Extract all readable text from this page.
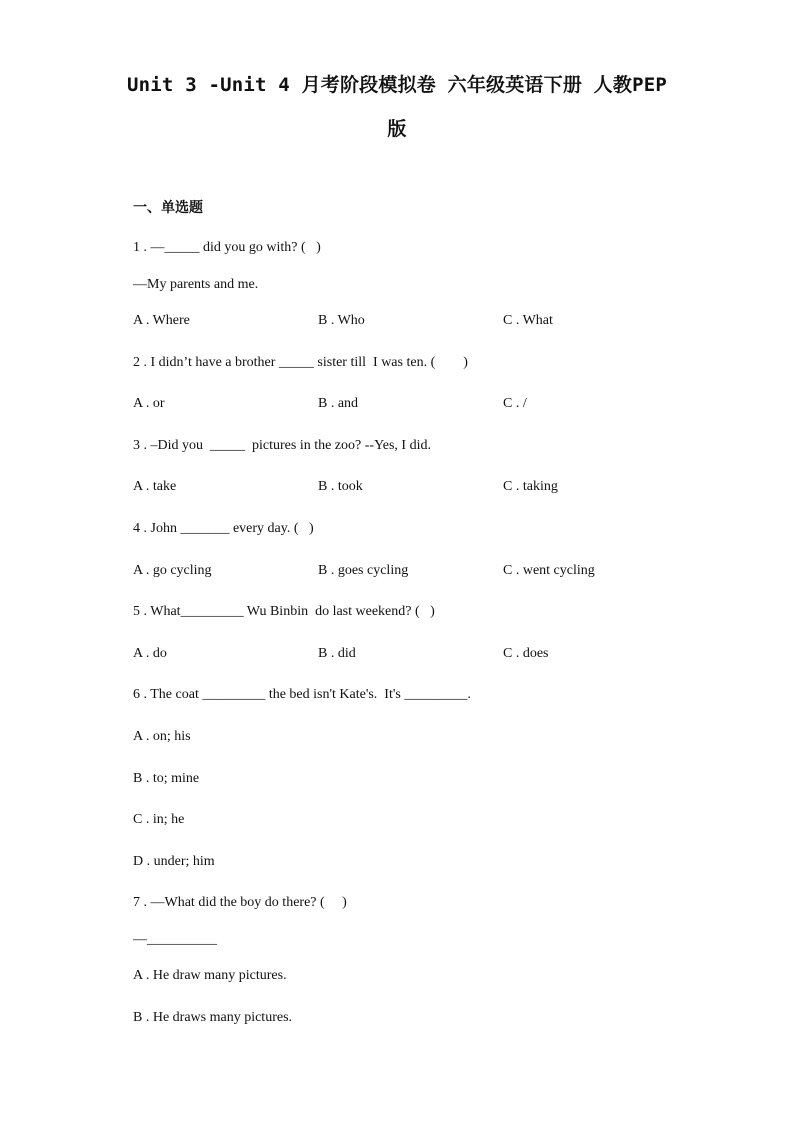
Unit 3 -Unit 4 月考阶段模拟卷 六年级英语下册 人教PEP
版
一、单选题
1 . —_____ did you go with? (   )
—My parents and me.
A . Where	B . Who	C . What
2 . I didn’t have a brother _____ sister till  I was ten. (        )
A . or	B . and	C . /
3 . –Did you  _____  pictures in the zoo? --Yes, I did.
A . take	B . took	C . taking
4 . John _______ every day. (   )
A . go cycling	B . goes cycling	C . went cycling
5 . What_________ Wu Binbin  do last weekend? (   )
A . do	B . did	C . does
6 . The coat _________ the bed isn't Kate's.  It's _________.
A . on; his
B . to; mine
C . in; he
D . under; him
7 . —What did the boy do there? (     )
—__________
A . He draw many pictures.
B . He draws many pictures.
